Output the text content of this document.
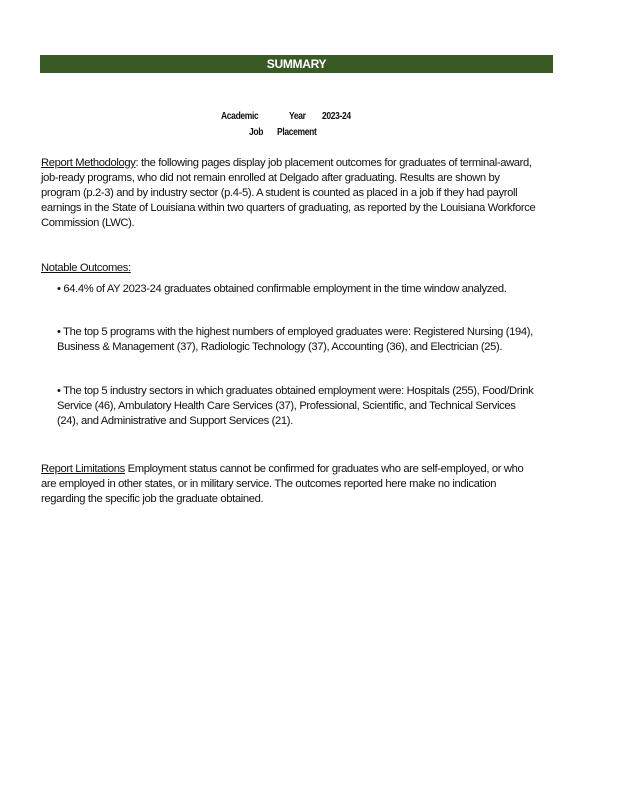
SUMMARY
Academic	Year 2023-24
Job Placement
Report Methodology: the following pages display job placement outcomes for graduates of terminal-award, job-ready programs, who did not remain enrolled at Delgado after graduating. Results are shown by program (p.2-3) and by industry sector (p.4-5). A student is counted as placed in a job if they had payroll earnings in the State of Louisiana within two quarters of graduating, as reported by the Louisiana Workforce Commission (LWC).
Notable Outcomes:
• 64.4% of AY 2023-24 graduates obtained confirmable employment in the time window analyzed.
• The top 5 programs with the highest numbers of employed graduates were: Registered Nursing (194), Business & Management (37), Radiologic Technology (37), Accounting (36), and Electrician (25).
• The top 5 industry sectors in which graduates obtained employment were: Hospitals (255), Food/Drink Service (46), Ambulatory Health Care Services (37), Professional, Scientific, and Technical Services (24), and Administrative and Support Services (21).
Report Limitations Employment status cannot be confirmed for graduates who are self-employed, or who are employed in other states, or in military service. The outcomes reported here make no indication regarding the specific job the graduate obtained.
